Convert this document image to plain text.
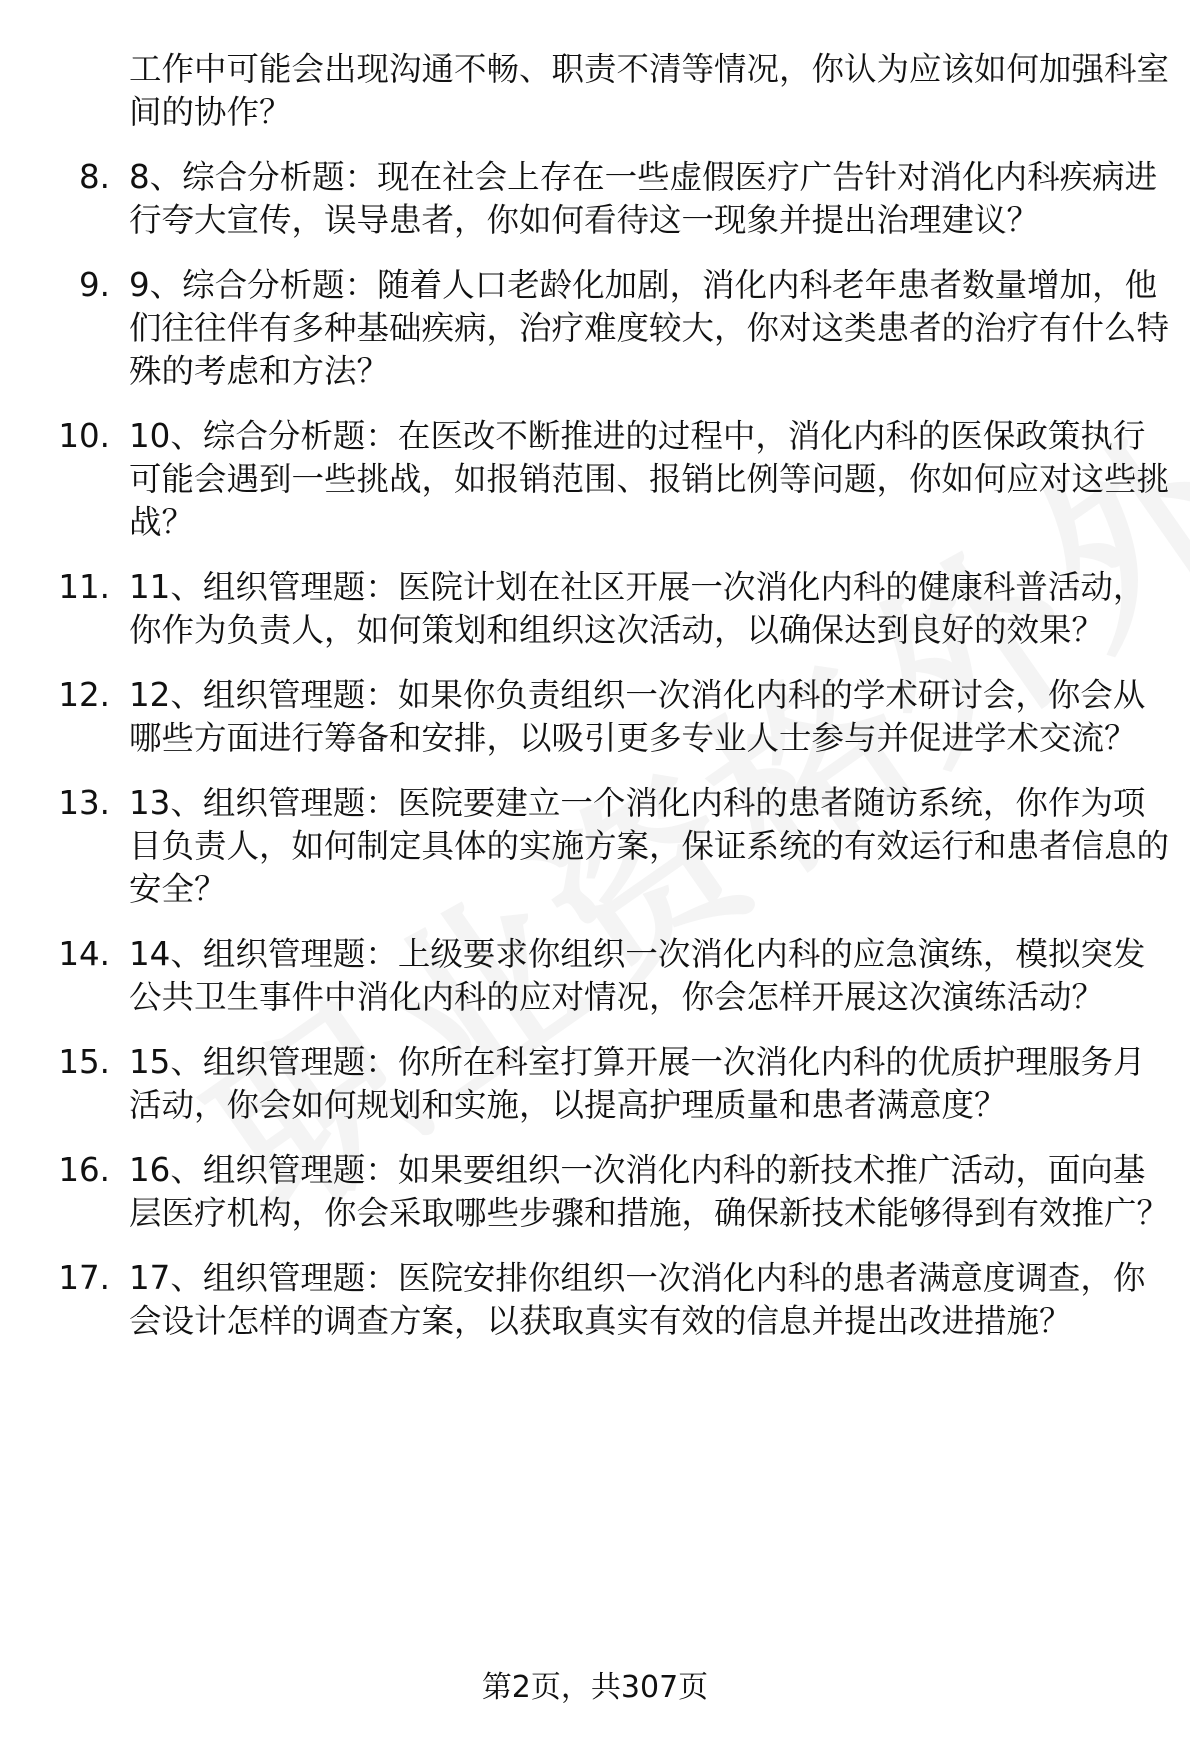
工作中可能会出现沟通不畅、职责不清等情况，你认为应该如何加强科室间的协作？
8. 8、综合分析题：现在社会上存在一些虚假医疗广告针对消化内科疾病进行夸大宣传，误导患者，你如何看待这一现象并提出治理建议？
9. 9、综合分析题：随着人口老龄化加剧，消化内科老年患者数量增加，他们往往伴有多种基础疾病，治疗难度较大，你对这类患者的治疗有什么特殊的考虑和方法？
10. 10、综合分析题：在医改不断推进的过程中，消化内科的医保政策执行可能会遇到一些挑战，如报销范围、报销比例等问题，你如何应对这些挑战？
11. 11、组织管理题：医院计划在社区开展一次消化内科的健康科普活动，你作为负责人，如何策划和组织这次活动，以确保达到良好的效果？
12. 12、组织管理题：如果你负责组织一次消化内科的学术研讨会，你会从哪些方面进行筹备和安排，以吸引更多专业人士参与并促进学术交流？
13. 13、组织管理题：医院要建立一个消化内科的患者随访系统，你作为项目负责人，如何制定具体的实施方案，保证系统的有效运行和患者信息的安全？
14. 14、组织管理题：上级要求你组织一次消化内科的应急演练，模拟突发公共卫生事件中消化内科的应对情况，你会怎样开展这次演练活动？
15. 15、组织管理题：你所在科室打算开展一次消化内科的优质护理服务月活动，你会如何规划和实施，以提高护理质量和患者满意度？
16. 16、组织管理题：如果要组织一次消化内科的新技术推广活动，面向基层医疗机构，你会采取哪些步骤和措施，确保新技术能够得到有效推广？
17. 17、组织管理题：医院安排你组织一次消化内科的患者满意度调查，你会设计怎样的调查方案，以获取真实有效的信息并提出改进措施？
第2页，共307页
